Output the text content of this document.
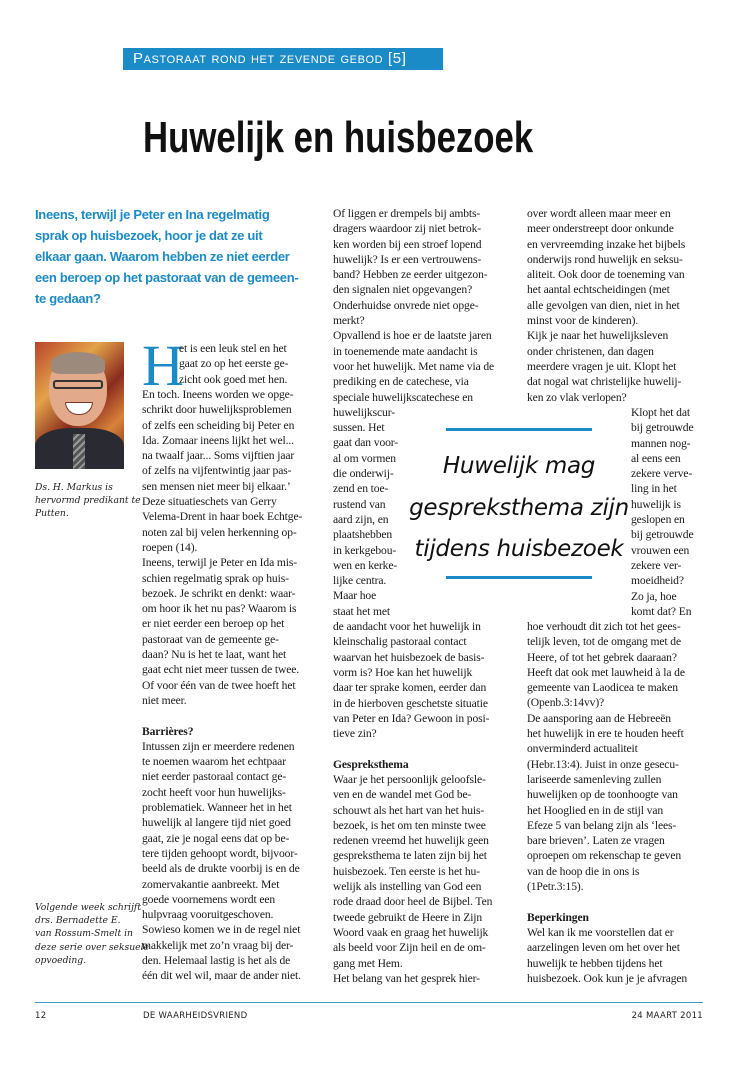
Pastoraat rond het zevende gebod [5]
Huwelijk en huisbezoek
Ineens, terwijl je Peter en Ina regelmatig
sprak op huisbezoek, hoor je dat ze uit
elkaar gaan. Waarom hebben ze niet eerder
een beroep op het pastoraat van de gemeen-
te gedaan?
Ds. H. Markus is
hervormd predikant te
Putten.
Volgende week schrijft
drs. Bernadette E.
van Rossum-Smelt in
deze serie over seksuele
opvoeding.
H
et is een leuk stel en het
gaat zo op het eerste ge-
zicht ook goed met hen.
En toch. Ineens worden we opge-
schrikt door huwelijksproblemen
of zelfs een scheiding bij Peter en
Ida. Zomaar ineens lijkt het wel...
na twaalf jaar... Soms vijftien jaar
of zelfs na vijfentwintig jaar pas-
sen mensen niet meer bij elkaar.’
Deze situatieschets van Gerry
Velema-Drent in haar boek Echtge-
noten zal bij velen herkenning op-
roepen (14).
Ineens, terwijl je Peter en Ida mis-
schien regelmatig sprak op huis-
bezoek. Je schrikt en denkt: waar-
om hoor ik het nu pas? Waarom is
er niet eerder een beroep op het
pastoraat van de gemeente ge-
daan? Nu is het te laat, want het
gaat echt niet meer tussen de twee.
Of voor één van de twee hoeft het
niet meer.
Barrières?
Intussen zijn er meerdere redenen
te noemen waarom het echtpaar
niet eerder pastoraal contact ge-
zocht heeft voor hun huwelijks-
problematiek. Wanneer het in het
huwelijk al langere tijd niet goed
gaat, zie je nogal eens dat op be-
tere tijden gehoopt wordt, bijvoor-
beeld als de drukte voorbij is en de
zomervakantie aanbreekt. Met
goede voornemens wordt een
hulpvraag vooruitgeschoven.
Sowieso komen we in de regel niet
makkelijk met zo’n vraag bij der-
den. Helemaal lastig is het als de
één dit wel wil, maar de ander niet.
Of liggen er drempels bij ambts-
dragers waardoor zij niet betrok-
ken worden bij een stroef lopend
huwelijk? Is er een vertrouwens-
band? Hebben ze eerder uitgezon-
den signalen niet opgevangen?
Onderhuidse onvrede niet opge-
merkt?
Opvallend is hoe er de laatste jaren
in toenemende mate aandacht is
voor het huwelijk. Met name via de
prediking en de catechese, via
speciale huwelijkscatechese en
huwelijkscur-
sussen. Het
gaat dan voor-
al om vormen
die onderwij-
zend en toe-
rustend van
aard zijn, en
plaatshebben
in kerkgebou-
wen en kerke-
lijke centra.
Maar hoe
staat het met
de aandacht voor het huwelijk in
kleinschalig pastoraal contact
waarvan het huisbezoek de basis-
vorm is? Hoe kan het huwelijk
daar ter sprake komen, eerder dan
in de hierboven geschetste situatie
van Peter en Ida? Gewoon in posi-
tieve zin?
Gespreksthema
Waar je het persoonlijk geloofsle-
ven en de wandel met God be-
schouwt als het hart van het huis-
bezoek, is het om ten minste twee
redenen vreemd het huwelijk geen
gespreksthema te laten zijn bij het
huisbezoek. Ten eerste is het hu-
welijk als instelling van God een
rode draad door heel de Bijbel. Ten
tweede gebruikt de Heere in Zijn
Woord vaak en graag het huwelijk
als beeld voor Zijn heil en de om-
gang met Hem.
Het belang van het gesprek hier-
over wordt alleen maar meer en
meer onderstreept door onkunde
en vervreemding inzake het bijbels
onderwijs rond huwelijk en seksu-
aliteit. Ook door de toeneming van
het aantal echtscheidingen (met
alle gevolgen van dien, niet in het
minst voor de kinderen).
Kijk je naar het huwelijksleven
onder christenen, dan dagen
meerdere vragen je uit. Klopt het
dat nogal wat christelijke huwelij-
ken zo vlak verlopen?
Klopt het dat
bij getrouwde
mannen nog-
al eens een
zekere verve-
ling in het
huwelijk is
geslopen en
bij getrouwde
vrouwen een
zekere ver-
moeidheid?
Zo ja, hoe
komt dat? En
hoe verhoudt dit zich tot het gees-
telijk leven, tot de omgang met de
Heere, of tot het gebrek daaraan?
Heeft dat ook met lauwheid à la de
gemeente van Laodicea te maken
(Openb.3:14vv)?
De aansporing aan de Hebreeën
het huwelijk in ere te houden heeft
onverminderd actualiteit
(Hebr.13:4). Juist in onze gesecu-
lariseerde samenleving zullen
huwelijken op de toonhoogte van
het Hooglied en in de stijl van
Efeze 5 van belang zijn als ‘lees-
bare brieven’. Laten ze vragen
oproepen om rekenschap te geven
van de hoop die in ons is
(1Petr.3:15).
Beperkingen
Wel kan ik me voorstellen dat er
aarzelingen leven om het over het
huwelijk te hebben tijdens het
huisbezoek. Ook kun je je afvragen
Huwelijk mag
gespreksthema zijn
tijdens huisbezoek
12	DE WAARHEIDSVRIEND	24 MAART 2011
